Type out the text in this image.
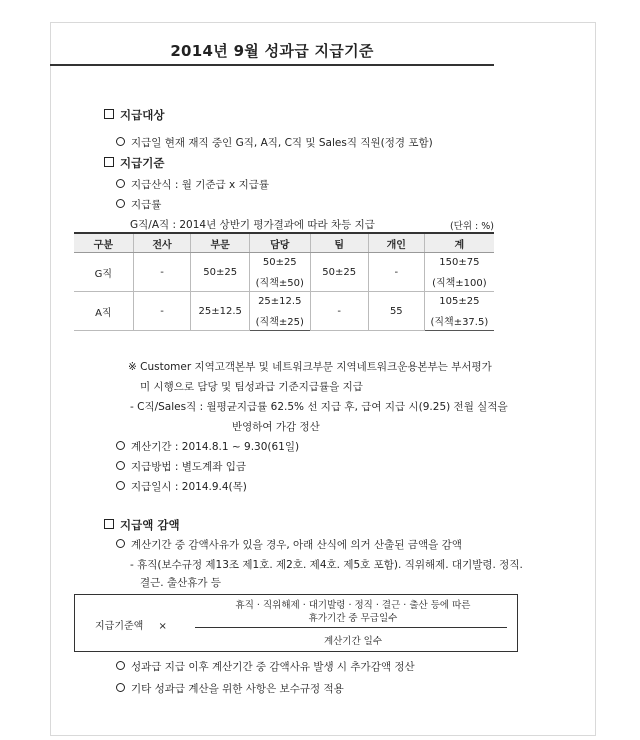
2014년 9월 성과급 지급기준
지급대상
지급일 현재 재직 중인 G직, A직, C직 및 Sales직 직원(정경 포함)
지급기준
지급산식 : 월 기준급 x 지급률
지급률
G직/A직 : 2014년 상반기 평가결과에 따라 차등 지급	(단위 : %)
구분	전사	부문	담당	팀	개인	계
G직	-	50±25	50±25	50±25	-	150±75
			(직책±50)			(직책±100)
A직	-	25±12.5	25±12.5	-	55	105±25
			(직책±25)			(직책±37.5)
※ Customer 지역고객본부 및 네트워크부문 지역네트워크운용본부는 부서평가
미 시행으로 담당 및 팀성과급 기준지급률을 지급
- C직/Sales직 : 월평균지급률 62.5% 선 지급 후, 급여 지급 시(9.25) 전월 실적을
반영하여 가감 정산
계산기간 : 2014.8.1 ~ 9.30(61일)
지급방법 : 별도계좌 입금
지급일시 : 2014.9.4(목)
지급액 감액
계산기간 중 감액사유가 있을 경우, 아래 산식에 의거 산출된 금액을 감액
- 휴직(보수규정 제13조 제1호. 제2호. 제4호. 제5호 포함). 직위해제. 대기발령. 정직.
결근. 출산휴가 등
지급기준액 ×
휴직 · 직위해제 · 대기발령 · 정직 · 결근 · 출산 등에 따른
휴가기간 중 무급일수
계산기간 일수
성과급 지급 이후 계산기간 중 감액사유 발생 시 추가감액 정산
기타 성과급 계산을 위한 사항은 보수규정 적용
